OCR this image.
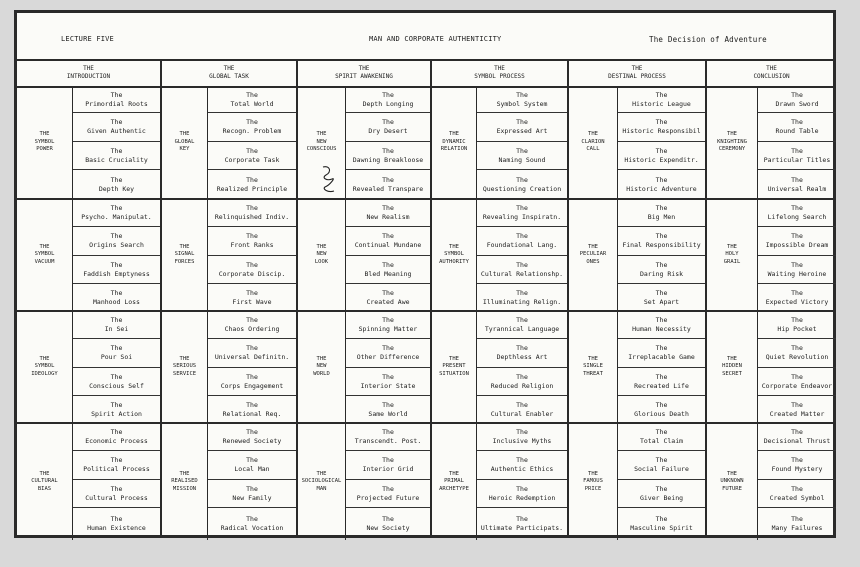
LECTURE FIVE	MAN AND CORPORATE AUTHENTICITY	The Decision of Adventure
THE
INTRODUCTION
THE
SYMBOL
POWER
The
Primordial Roots
The
Given Authentic
The
Basic Cruciality
The
Depth Key
THE
SYMBOL
VACUUM
The
Psycho. Manipulat.
The
Origins Search
The
Faddish Emptyness
The
Manhood Loss
THE
SYMBOL
IDEOLOGY
The
In Sei
The
Pour Soi
The
Conscious Self
The
Spirit Action
THE
CULTURAL
BIAS
The
Economic Process
The
Political Process
The
Cultural Process
The
Human Existence
THE
GLOBAL TASK
THE
GLOBAL
KEY
The
Total World
The
Recogn. Problem
The
Corporate Task
The
Realized Principle
THE
SIGNAL
FORCES
The
Relinquished Indiv.
The
Front Ranks
The
Corporate Discip.
The
First Wave
THE
SERIOUS
SERVICE
The
Chaos Ordering
The
Universal Definitn.
The
Corps Engagement
The
Relational Req.
THE
REALISED
MISSION
The
Renewed Society
The
Local Man
The
New Family
The
Radical Vocation
THE
SPIRIT AWAKENING
THE
NEW
CONSCIOUS
The
Depth Longing
The
Dry Desert
The
Dawning Breakloose
The
Revealed Transpare
THE
NEW
LOOK
The
New Realism
The
Continual Mundane
The
Bled Meaning
The
Created Awe
THE
NEW
WORLD
The
Spinning Matter
The
Other Difference
The
Interior State
The
Same World
THE
SOCIOLOGICAL
MAN
The
Transcendt. Post.
The
Interior Grid
The
Projected Future
The
New Society
THE
SYMBOL PROCESS
THE
DYNAMIC
RELATION
The
Symbol System
The
Expressed Art
The
Naming Sound
The
Questioning Creation
THE
SYMBOL
AUTHORITY
The
Revealing Inspiratn.
The
Foundational Lang.
The
Cultural Relationshp.
The
Illuminating Relign.
THE
PRESENT
SITUATION
The
Tyrannical Language
The
Depthless Art
The
Reduced Religion
The
Cultural Enabler
THE
PRIMAL
ARCHETYPE
The
Inclusive Myths
The
Authentic Ethics
The
Heroic Redemption
The
Ultimate Participats.
THE
DESTINAL PROCESS
THE
CLARION
CALL
The
Historic League
The
Historic Responsibil
The
Historic Expenditr.
The
Historic Adventure
THE
PECULIAR
ONES
The
Big Men
The
Final Responsibility
The
Daring Risk
The
Set Apart
THE
SINGLE
THREAT
The
Human Necessity
The
Irreplacable Game
The
Recreated Life
The
Glorious Death
THE
FAMOUS
PRICE
The
Total Claim
The
Social Failure
The
Giver Being
The
Masculine Spirit
THE
CONCLUSION
THE
KNIGHTING
CEREMONY
The
Drawn Sword
The
Round Table
The
Particular Titles
The
Universal Realm
THE
HOLY
GRAIL
The
Lifelong Search
The
Impossible Dream
The
Waiting Heroine
The
Expected Victory
THE
HIDDEN
SECRET
The
Hip Pocket
The
Quiet Revolution
The
Corporate Endeavor
The
Created Matter
THE
UNKNOWN
FUTURE
The
Decisional Thrust
The
Found Mystery
The
Created Symbol
The
Many Failures
